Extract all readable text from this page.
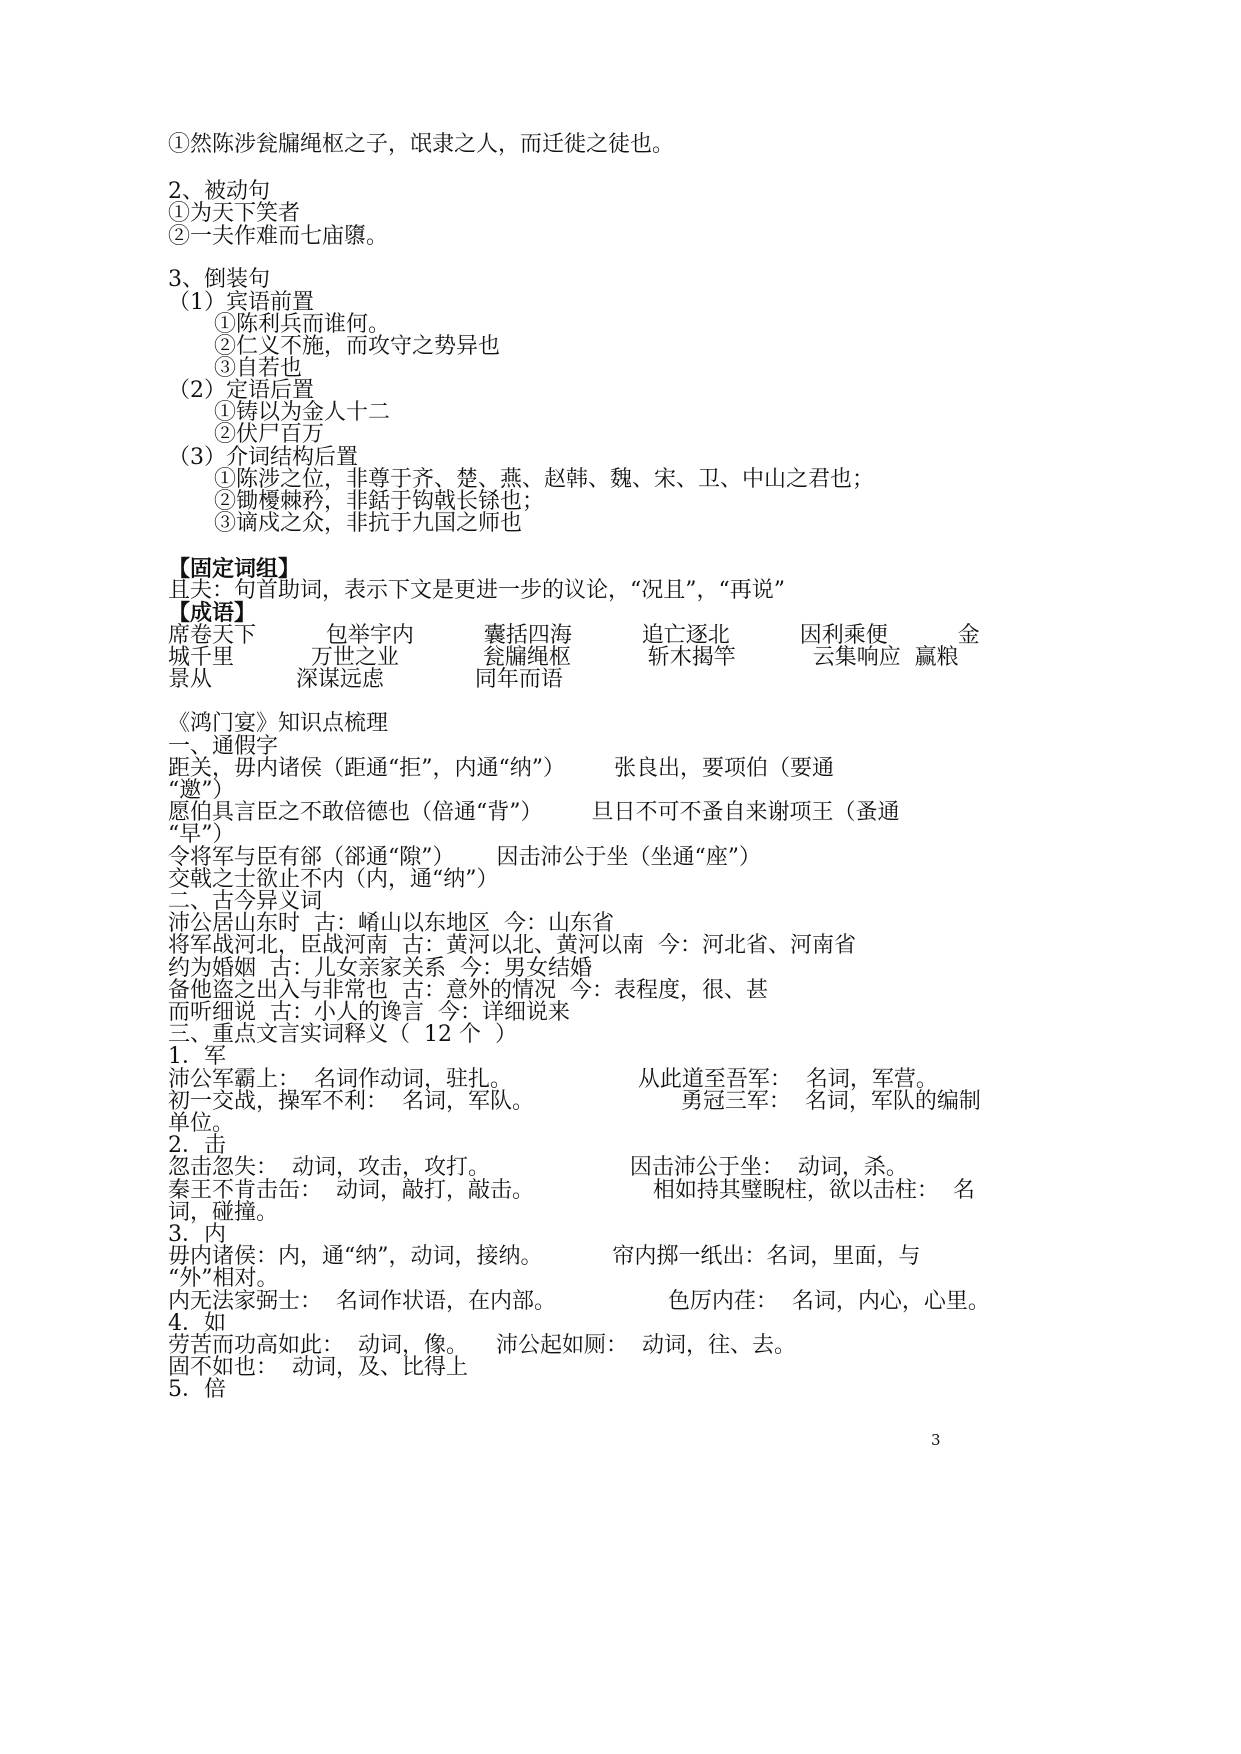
①然陈涉瓮牖绳枢之子，氓隶之人，而迁徙之徒也。
2、被动句
①为天下笑者
②一夫作难而七庙隳。
3、倒装句
（1）宾语前置
①陈利兵而谁何。
②仁义不施，而攻守之势异也
③自若也
（2）定语后置
①铸以为金人十二
②伏尸百万
（3）介词结构后置
①陈涉之位，非尊于齐、楚、燕、赵韩、魏、宋、卫、中山之君也；
②锄櫌棘矜，非銛于钩戟长铩也；
③谪戍之众，非抗于九国之师也
【固定词组】
且夫：句首助词，表示下文是更进一步的议论，“况且”，“再说”
【成语】
席卷天下          包举宇内          囊括四海          追亡逐北          因利乘便          金
城千里           万世之业            瓮牖绳枢           斩木揭竿           云集响应  赢粮
景从            深谋远虑             同年而语
《鸿门宴》知识点梳理
一、通假字
距关，毋内诸侯（距通“拒”，内通“纳”）       张良出，要项伯（要通
“邀”）
愿伯具言臣之不敢倍德也（倍通“背”）       旦日不可不蚤自来谢项王（蚤通
“早”）
令将军与臣有郤（郤通“隙”）      因击沛公于坐（坐通“座”）
交戟之士欲止不内（内，通“纳”）
二、古今异义词
沛公居山东时  古：崤山以东地区  今：山东省
将军战河北，臣战河南  古：黄河以北、黄河以南  今：河北省、河南省
约为婚姻  古：儿女亲家关系  今：男女结婚
备他盗之出入与非常也  古：意外的情况  今：表程度，很、甚
而听细说  古：小人的谗言  今：详细说来
三、重点文言实词释义（  12 个  ）
1．军
沛公军霸上：  名词作动词，驻扎。                  从此道至吾军：  名词，军营。
初一交战，操军不利：  名词，军队。                     勇冠三军：  名词，军队的编制
单位。
2．击
忽击忽失：  动词，攻击，攻打。                    因击沛公于坐：  动词，杀。
秦王不肯击缶：  动词，敲打，敲击。                 相如持其璧睨柱，欲以击柱：  名
词，碰撞。
3．内
毋内诸侯：内，通“纳”，动词，接纳。          帘内掷一纸出：名词，里面，与
“外”相对。
内无法家弼士：  名词作状语，在内部。                色厉内荏：  名词，内心，心里。
4．如
劳苦而功高如此：  动词，像。    沛公起如厕：  动词，往、去。
固不如也：  动词，及、比得上
5．倍
3
